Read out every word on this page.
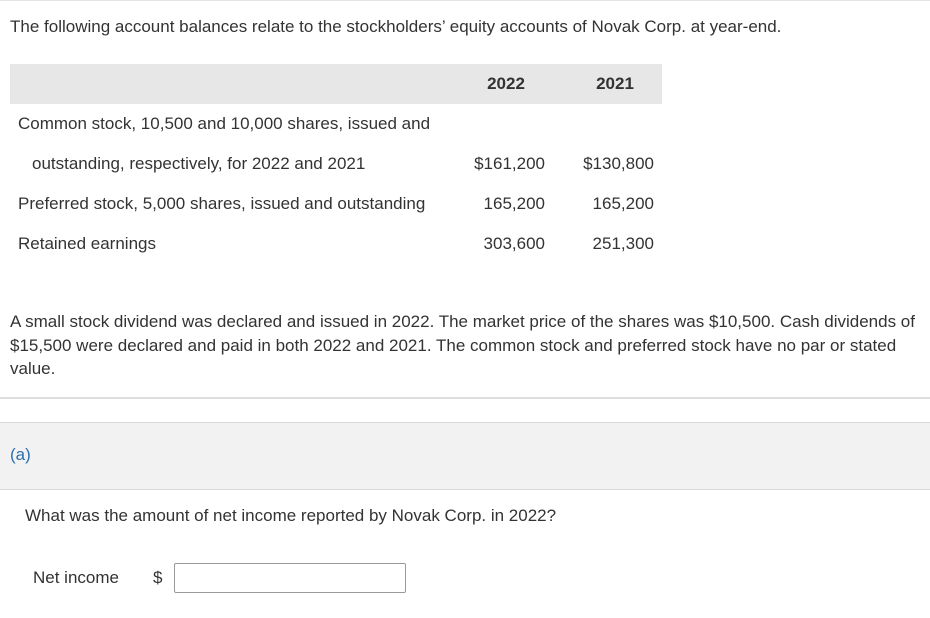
The following account balances relate to the stockholders’ equity accounts of Novak Corp. at year-end.
2022	2021
Common stock, 10,500 and 10,000 shares, issued and
outstanding, respectively, for 2022 and 2021	$161,200	$130,800
Preferred stock, 5,000 shares, issued and outstanding	165,200	165,200
Retained earnings	303,600	251,300
A small stock dividend was declared and issued in 2022. The market price of the shares was $10,500. Cash dividends of $15,500 were declared and paid in both 2022 and 2021. The common stock and preferred stock have no par or stated value.
(a)
What was the amount of net income reported by Novak Corp. in 2022?
Net income $
